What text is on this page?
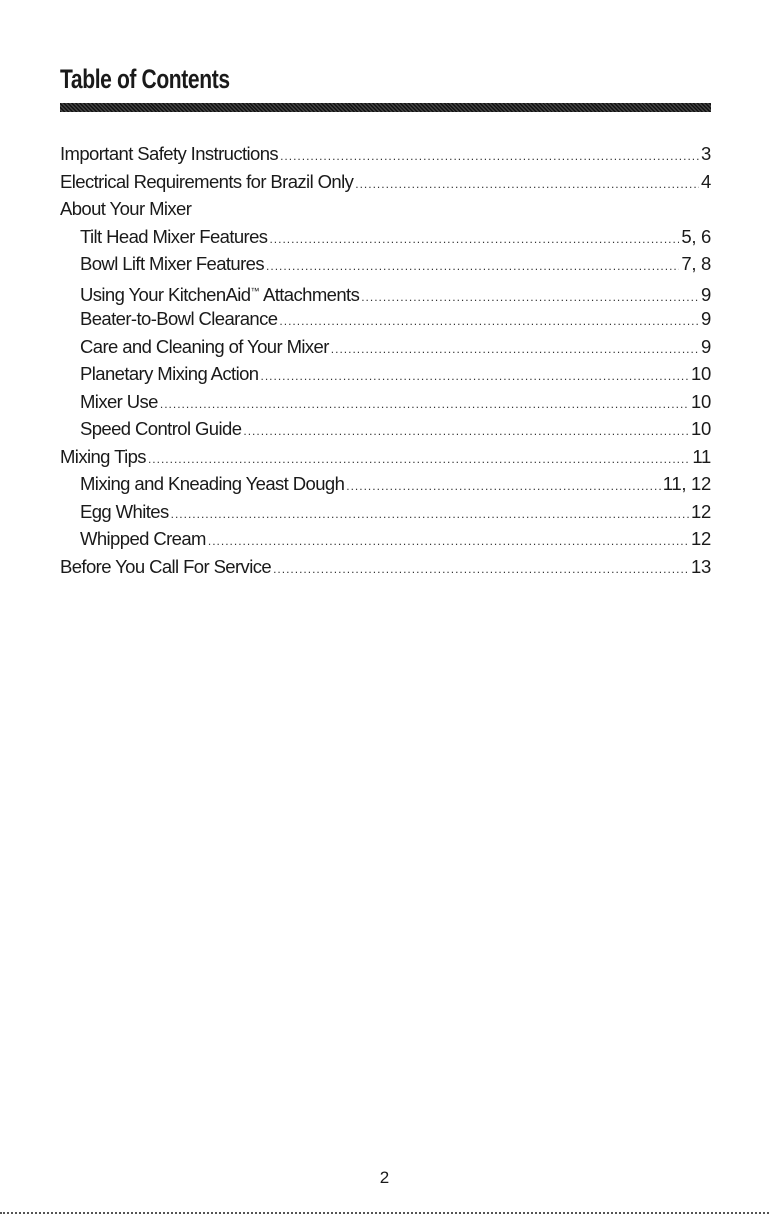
Table of Contents
Important Safety Instructions .....	3
Electrical Requirements for Brazil Only .....	4
About Your Mixer
Tilt Head Mixer Features .....	5, 6
Bowl Lift Mixer Features .....	7, 8
Using Your KitchenAid™ Attachments .....	9
Beater-to-Bowl Clearance .....	9
Care and Cleaning of Your Mixer .....	9
Planetary Mixing Action .....	10
Mixer Use .....	10
Speed Control Guide .....	10
Mixing Tips .....	11
Mixing and Kneading Yeast Dough .....	11, 12
Egg Whites .....	12
Whipped Cream .....	12
Before You Call For Service .....	13
2
